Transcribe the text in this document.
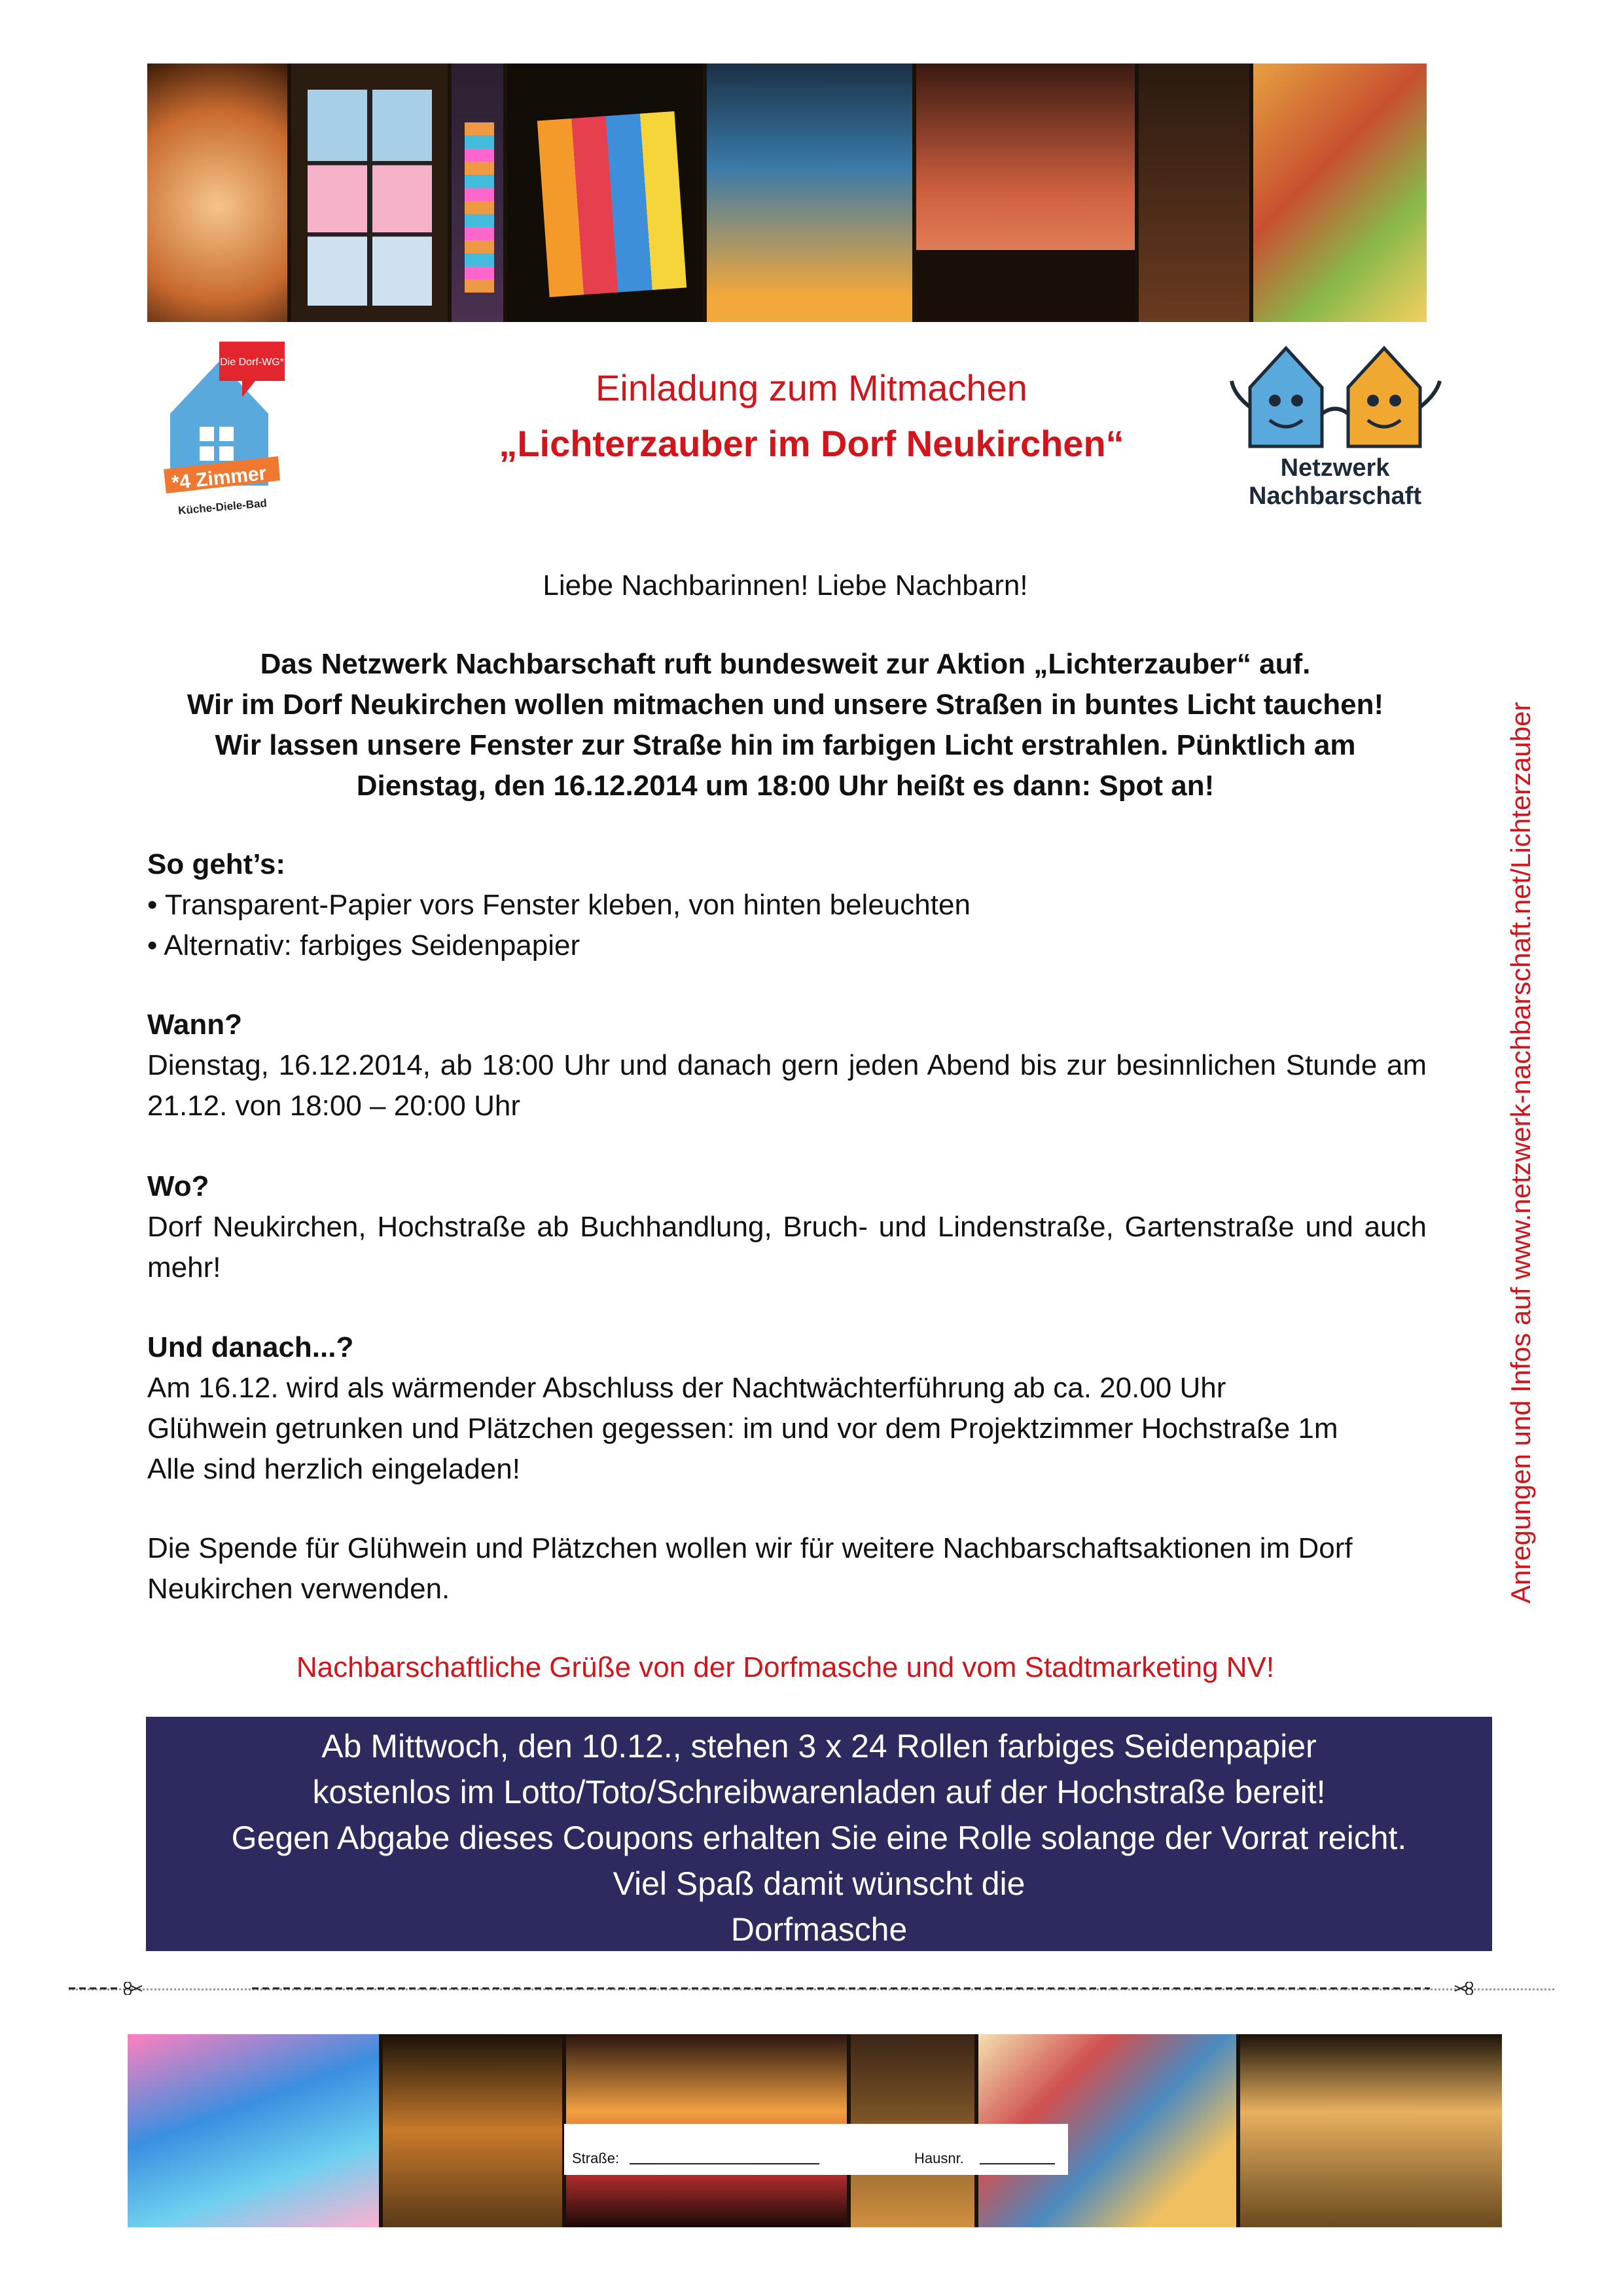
Die Dorf-WG*
*4 Zimmer
Küche-Diele-Bad
Einladung zum Mitmachen
„Lichterzauber im Dorf Neukirchen“
Netzwerk
Nachbarschaft
Liebe Nachbarinnen! Liebe Nachbarn!
Das Netzwerk Nachbarschaft ruft bundesweit zur Aktion „Lichterzauber“ auf.
Wir im Dorf Neukirchen wollen mitmachen und unsere Straßen in buntes Licht tauchen!
Wir lassen unsere Fenster zur Straße hin im farbigen Licht erstrahlen. Pünktlich am
Dienstag, den 16.12.2014 um 18:00 Uhr heißt es dann: Spot an!
So geht’s:
• Transparent-Papier vors Fenster kleben, von hinten beleuchten
• Alternativ: farbiges Seidenpapier
Wann?
Dienstag, 16.12.2014, ab 18:00 Uhr und danach gern jeden Abend bis zur besinnlichen Stunde am 21.12. von 18:00 – 20:00 Uhr
Wo?
Dorf Neukirchen, Hochstraße ab Buchhandlung, Bruch- und Lindenstraße, Gartenstraße und auch mehr!
Und danach...?
Am 16.12. wird als wärmender Abschluss der Nachtwächterführung ab ca. 20.00 Uhr
Glühwein getrunken und Plätzchen gegessen: im und vor dem Projektzimmer Hochstraße 1m
Alle sind herzlich eingeladen!
Die Spende für Glühwein und Plätzchen wollen wir für weitere Nachbarschaftsaktionen im Dorf Neukirchen verwenden.
Nachbarschaftliche Grüße von der Dorfmasche und vom Stadtmarketing NV!
Anregungen und Infos auf www.netzwerk-nachbarschaft.net/Lichterzauber
Ab Mittwoch, den 10.12., stehen 3 x 24 Rollen farbiges Seidenpapier
kostenlos im Lotto/Toto/Schreibwarenladen auf der Hochstraße bereit!
Gegen Abgabe dieses Coupons erhalten Sie eine Rolle solange der Vorrat reicht.
Viel Spaß damit wünscht die
Dorfmasche
Straße:	Hausnr.
